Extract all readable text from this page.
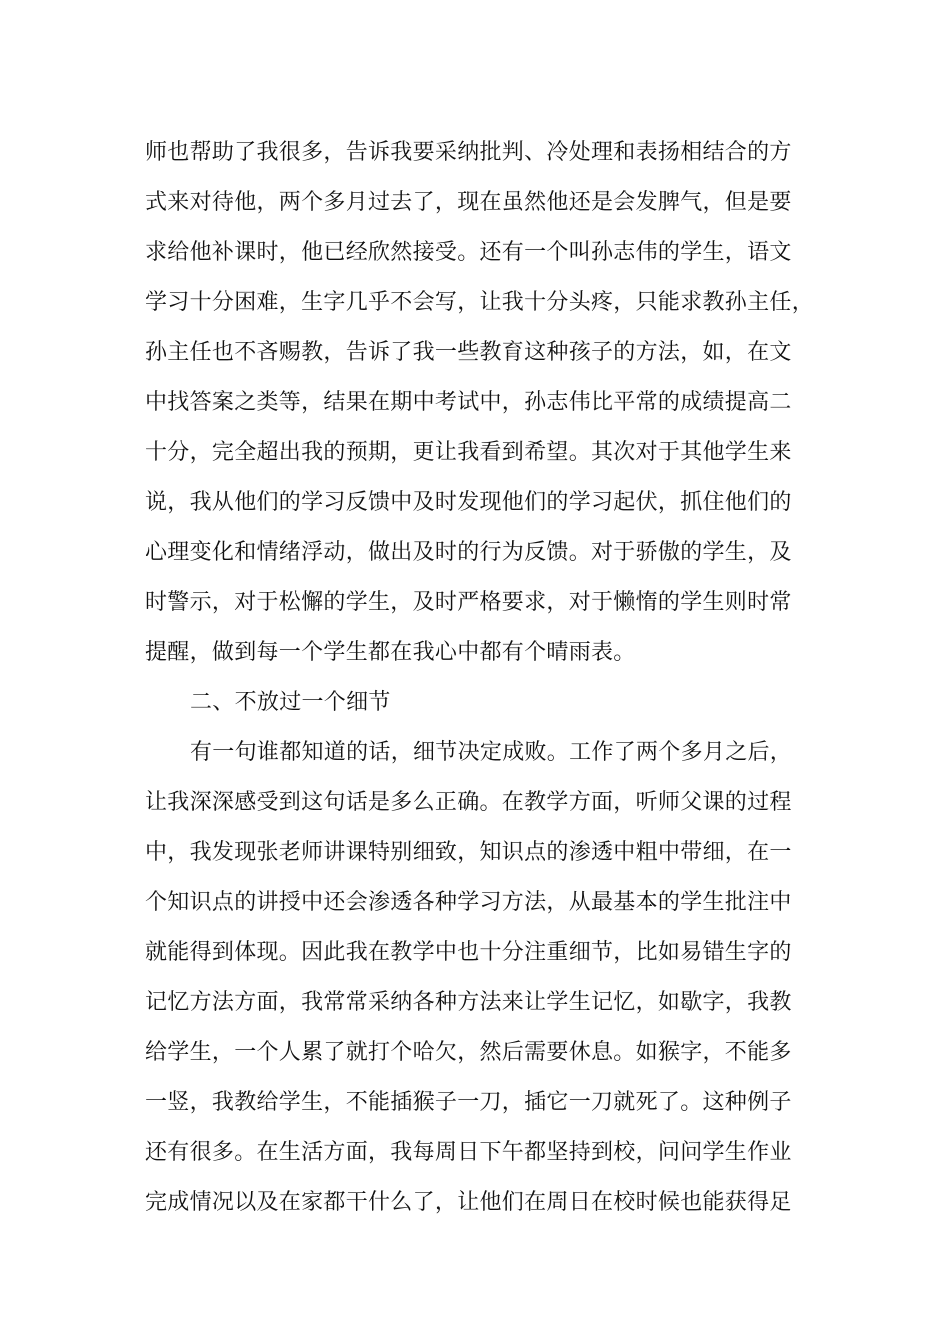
师也帮助了我很多，告诉我要采纳批判、冷处理和表扬相结合的方
式来对待他，两个多月过去了，现在虽然他还是会发脾气，但是要
求给他补课时，他已经欣然接受。还有一个叫孙志伟的学生，语文
学习十分困难，生字几乎不会写，让我十分头疼，只能求教孙主任，
孙主任也不吝赐教，告诉了我一些教育这种孩子的方法，如，在文
中找答案之类等，结果在期中考试中，孙志伟比平常的成绩提高二
十分，完全超出我的预期，更让我看到希望。其次对于其他学生来
说，我从他们的学习反馈中及时发现他们的学习起伏，抓住他们的
心理变化和情绪浮动，做出及时的行为反馈。对于骄傲的学生，及
时警示，对于松懈的学生，及时严格要求，对于懒惰的学生则时常
提醒，做到每一个学生都在我心中都有个晴雨表。
二、不放过一个细节
有一句谁都知道的话，细节决定成败。工作了两个多月之后，
让我深深感受到这句话是多么正确。在教学方面，听师父课的过程
中，我发现张老师讲课特别细致，知识点的渗透中粗中带细，在一
个知识点的讲授中还会渗透各种学习方法，从最基本的学生批注中
就能得到体现。因此我在教学中也十分注重细节，比如易错生字的
记忆方法方面，我常常采纳各种方法来让学生记忆，如歇字，我教
给学生，一个人累了就打个哈欠，然后需要休息。如猴字，不能多
一竖，我教给学生，不能插猴子一刀，插它一刀就死了。这种例子
还有很多。在生活方面，我每周日下午都坚持到校，问问学生作业
完成情况以及在家都干什么了，让他们在周日在校时候也能获得足
